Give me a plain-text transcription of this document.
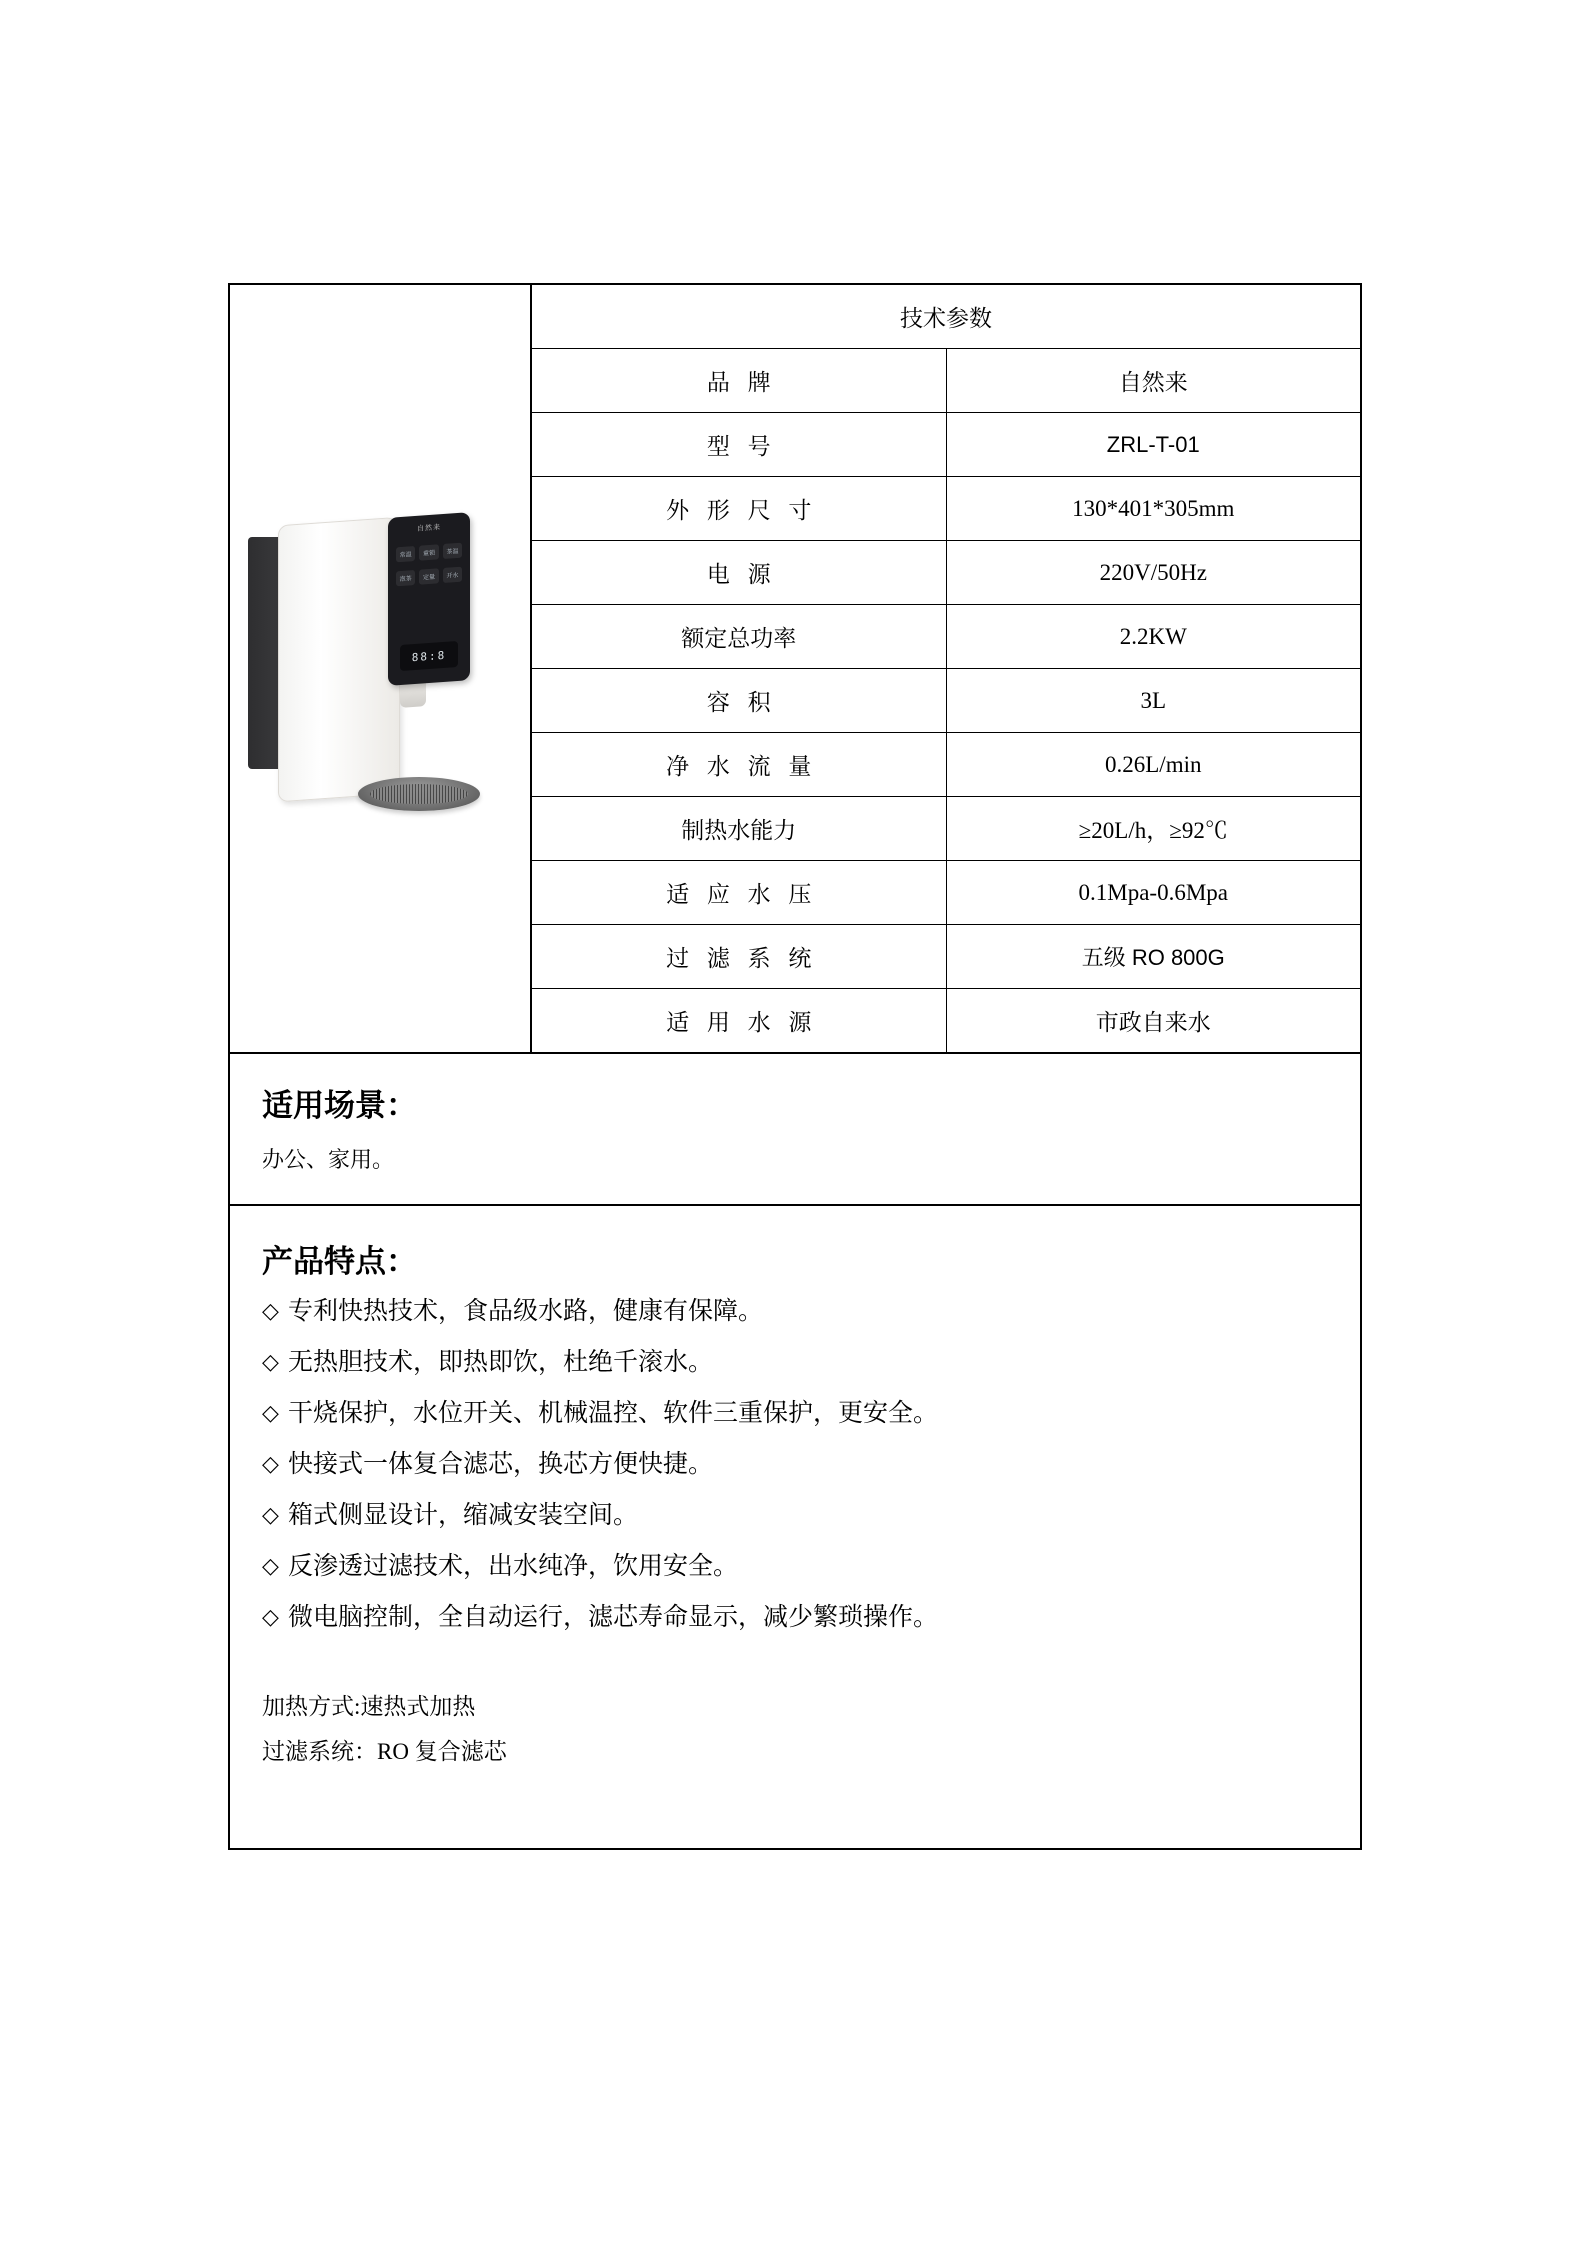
自然来
常温	童锁	茶温
泡茶	定量	开水
88:8
技术参数	
品 牌	自然来
型 号	ZRL-T-01
外 形 尺 寸	130*401*305mm
电 源	220V/50Hz
额定总功率	2.2KW
容 积	3L
净 水 流 量	0.26L/min
制热水能力	≥20L/h，≥92℃
适 应 水 压	0.1Mpa-0.6Mpa
过 滤 系 统	五级 RO 800G
适 用 水 源	市政自来水
适用场景：

办公、家用。

产品特点：
◇ 专利快热技术，食品级水路，健康有保障。
◇ 无热胆技术，即热即饮，杜绝千滚水。
◇ 干烧保护，水位开关、机械温控、软件三重保护，更安全。
◇ 快接式一体复合滤芯，换芯方便快捷。
◇ 箱式侧显设计，缩减安装空间。
◇ 反渗透过滤技术，出水纯净，饮用安全。
◇ 微电脑控制，全自动运行，滤芯寿命显示，减少繁琐操作。

加热方式:速热式加热

过滤系统：RO 复合滤芯
